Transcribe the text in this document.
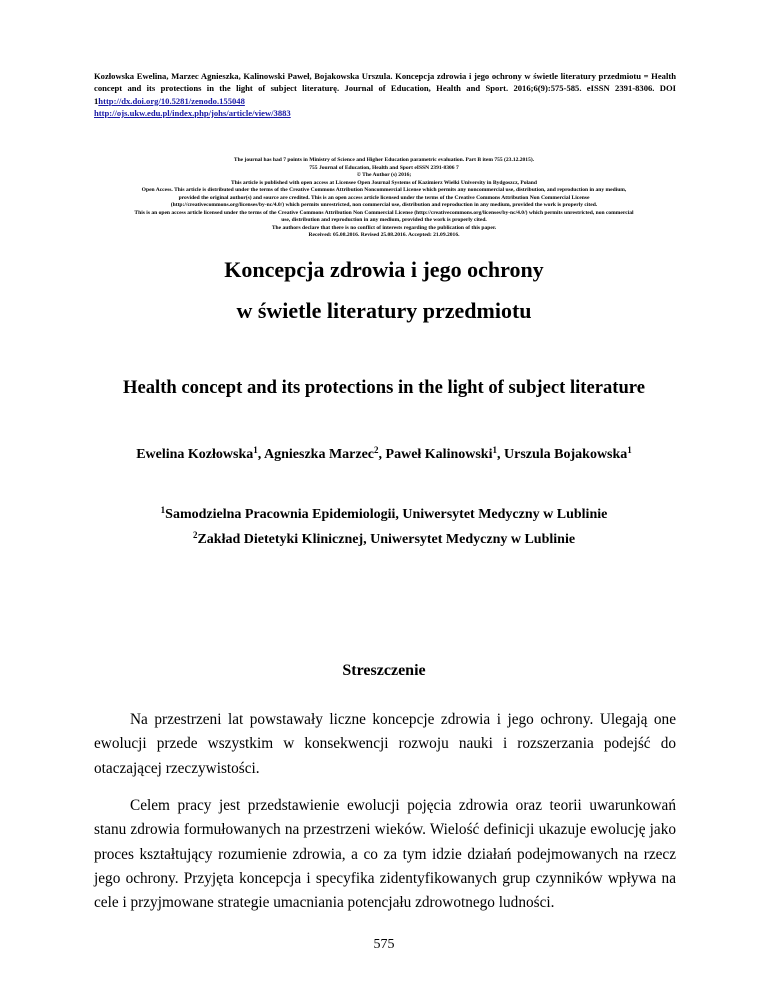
Kozłowska Ewelina, Marzec Agnieszka, Kalinowski Paweł, Bojakowska Urszula. Koncepcja zdrowia i jego ochrony w świetle literatury przedmiotu = Health concept and its protections in the light of subject literaturę. Journal of Education, Health and Sport. 2016;6(9):575-585. eISSN 2391-8306. DOI 1http://dx.doi.org/10.5281/zenodo.155048
http://ojs.ukw.edu.pl/index.php/johs/article/view/3883

The journal has had 7 points in Ministry of Science and Higher Education parametric evaluation. Part B item 755 (23.12.2015).

755 Journal of Education, Health and Sport eISSN 2391-8306 7

© The Author (s) 2016;

This article is published with open access at Licensee Open Journal Systems of Kazimierz Wielki University in Bydgoszcz, Poland

Open Access. This article is distributed under the terms of the Creative Commons Attribution Noncommercial License which permits any noncommercial use, distribution, and reproduction in any medium,

provided the original author(s) and source are credited. This is an open access article licensed under the terms of the Creative Commons Attribution Non Commercial License

(http://creativecommons.org/licenses/by-nc/4.0/) which permits unrestricted, non commercial use, distribution and reproduction in any medium, provided the work is properly cited.

This is an open access article licensed under the terms of the Creative Commons Attribution Non Commercial License (http://creativecommons.org/licenses/by-nc/4.0/) which permits unrestricted, non commercial

use, distribution and reproduction in any medium, provided the work is properly cited.

The authors declare that there is no conflict of interests regarding the publication of this paper.

Received: 05.08.2016. Revised 25.08.2016. Accepted: 21.09.2016.

Koncepcja zdrowia i jego ochrony
w świetle literatury przedmiotu
Health concept and its protections in the light of subject literature
Ewelina Kozłowska$^1$, Agnieszka Marzec$^2$, Paweł Kalinowski$^1$, Urszula Bojakowska$^1$
$^1$Samodzielna Pracownia Epidemiologii, Uniwersytet Medyczny w Lublinie
$^2$Zakład Dietetyki Klinicznej, Uniwersytet Medyczny w Lublinie
Streszczenie

Na przestrzeni lat powstawały liczne koncepcje zdrowia i jego ochrony. Ulegają one ewolucji przede wszystkim w konsekwencji rozwoju nauki i rozszerzania podejść do otaczającej rzeczywistości.

Celem pracy jest przedstawienie ewolucji pojęcia zdrowia oraz teorii uwarunkowań stanu zdrowia formułowanych na przestrzeni wieków. Wielość definicji ukazuje ewolucję jako proces kształtujący rozumienie zdrowia, a co za tym idzie działań podejmowanych na rzecz jego ochrony. Przyjęta koncepcja i specyfika zidentyfikowanych grup czynników wpływa na cele i przyjmowane strategie umacniania potencjału zdrowotnego ludności.

575
